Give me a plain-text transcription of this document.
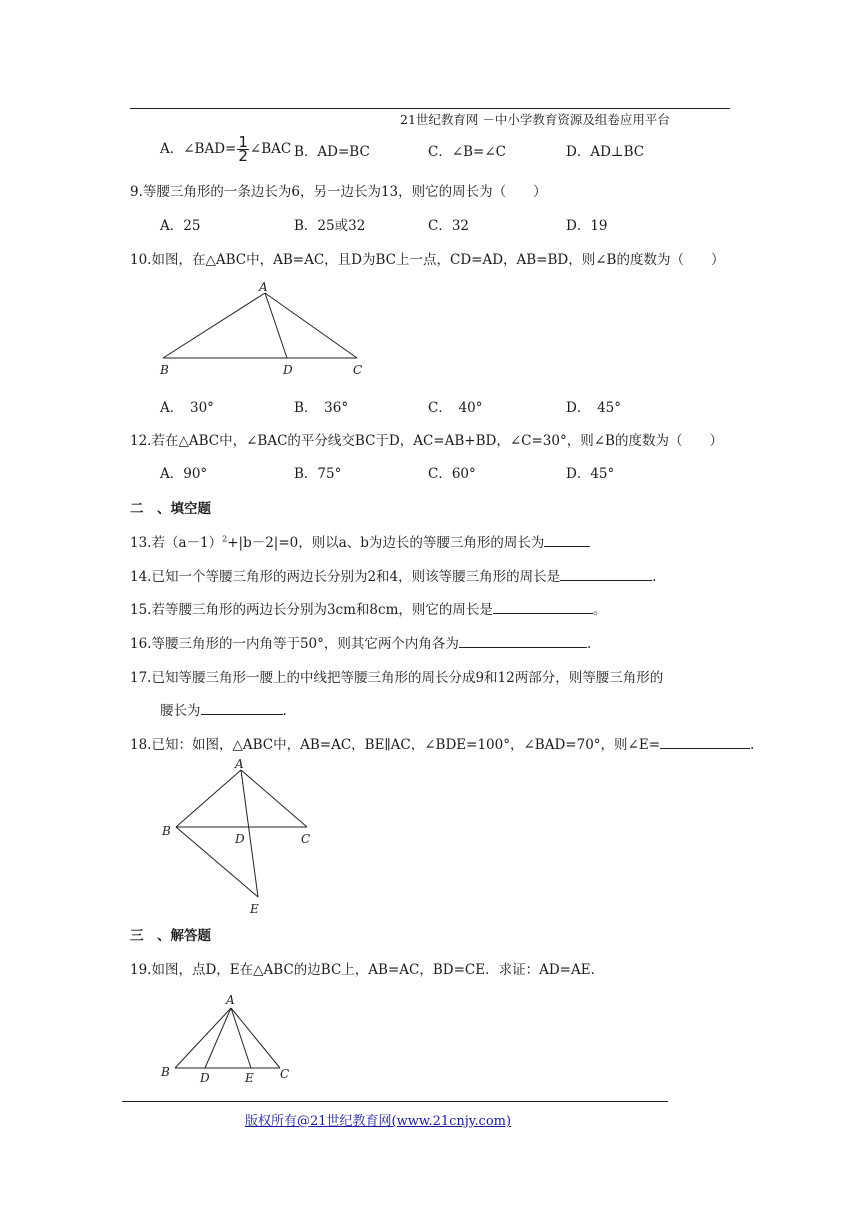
21世纪教育网 －中小学教育资源及组卷应用平台
A．∠BAD= $\frac{1}{2}$ ∠BAC B．AD=BC	C．∠B=∠C	D．AD⊥BC
9.等腰三角形的一条边长为6，另一边长为13，则它的周长为（　　）
A．25	B．25或32	C．32	D．19
10.如图，在△ABC中，AB=AC，且D为BC上一点，CD=AD，AB=BD，则∠B的度数为（　　）
A
B	D	C
A．　30°	B．　36°	C．　40°	D．　45°
12.若在△ABC中，∠BAC的平分线交BC于D，AC=AB+BD，∠C=30°，则∠B的度数为（　　）
A．90°	B．75°	C．60°	D．45°
二　、填空题
13.若$(a-1)^2+|b-2|=0$，则以a、b为边长的等腰三角形的周长为
14.已知一个等腰三角形的两边长分别为2和4，则该等腰三角形的周长是	.
15.若等腰三角形的两边长分别为3cm和8cm，则它的周长是	。
16.等腰三角形的一内角等于50°，则其它两个内角各为	.
17.已知等腰三角形一腰上的中线把等腰三角形的周长分成9和12两部分，则等腰三角形的
腰长为	.
18.已知：如图，△ABC中，AB=AC，BE∥AC，∠BDE=100°，∠BAD=70°，则∠E=	.
A
B
D	C
E
三　、解答题
19.如图，点D，E在△ABC的边BC上，AB=AC，BD=CE．求证：AD=AE．
A
B	D	E C
版权所有@21世纪教育网(www.21cnjy.com)
